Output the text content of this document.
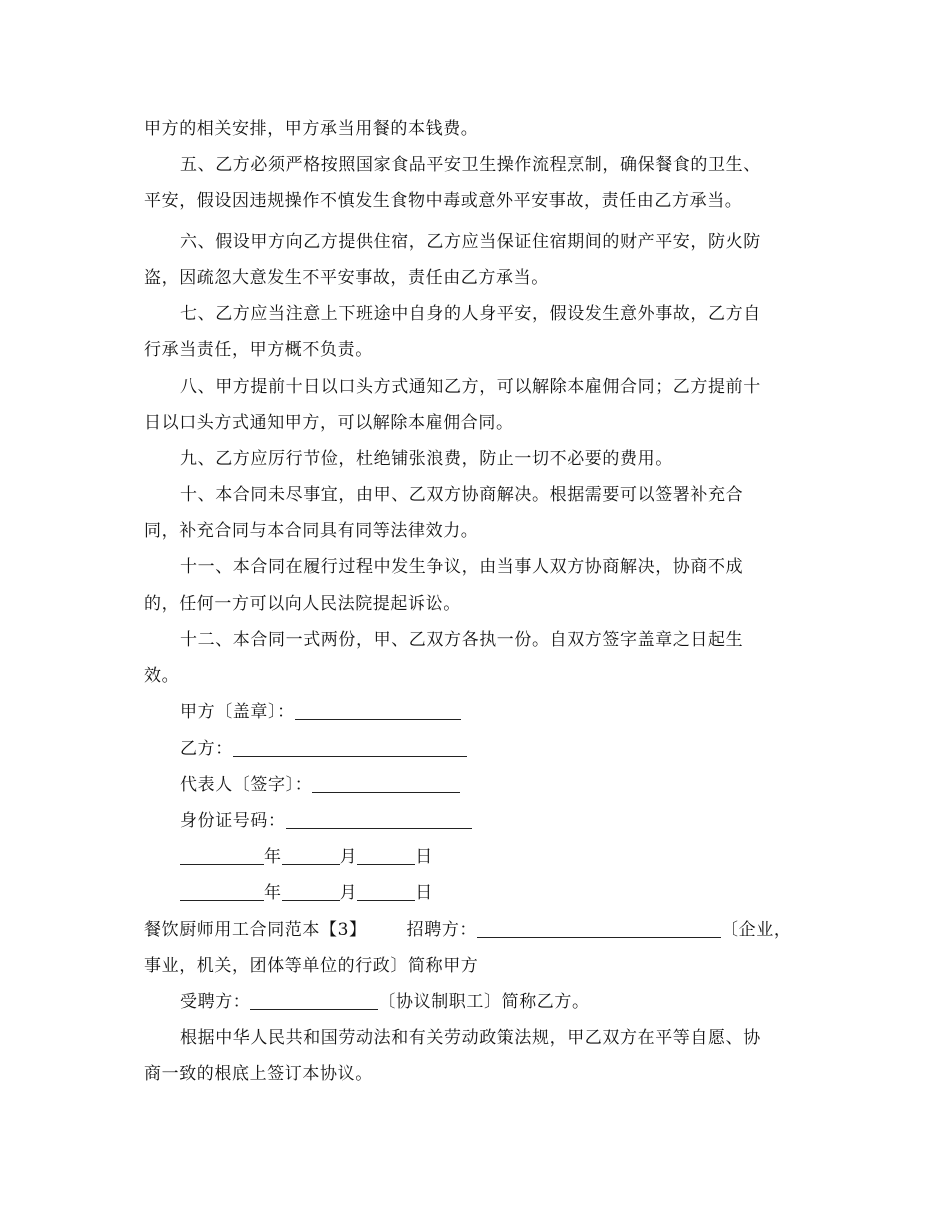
甲方的相关安排，甲方承当用餐的本钱费。
五、乙方必须严格按照国家食品平安卫生操作流程烹制，确保餐食的卫生、
平安，假设因违规操作不慎发生食物中毒或意外平安事故，责任由乙方承当。
六、假设甲方向乙方提供住宿，乙方应当保证住宿期间的财产平安，防火防
盗，因疏忽大意发生不平安事故，责任由乙方承当。
七、乙方应当注意上下班途中自身的人身平安，假设发生意外事故，乙方自
行承当责任，甲方概不负责。
八、甲方提前十日以口头方式通知乙方，可以解除本雇佣合同；乙方提前十
日以口头方式通知甲方，可以解除本雇佣合同。
九、乙方应厉行节俭，杜绝铺张浪费，防止一切不必要的费用。
十、本合同未尽事宜，由甲、乙双方协商解决。根据需要可以签署补充合
同，补充合同与本合同具有同等法律效力。
十一、本合同在履行过程中发生争议，由当事人双方协商解决，协商不成
的，任何一方可以向人民法院提起诉讼。
十二、本合同一式两份，甲、乙双方各执一份。自双方签字盖章之日起生
效。
甲方〔盖章〕：
乙方：
代表人〔签字〕：
身份证号码：
年	月	日
年	月	日
餐饮厨师用工合同范本【3】 招聘方：	〔企业，
事业，机关，团体等单位的行政〕简称甲方
受聘方：	〔协议制职工〕简称乙方。
根据中华人民共和国劳动法和有关劳动政策法规，甲乙双方在平等自愿、协
商一致的根底上签订本协议。
